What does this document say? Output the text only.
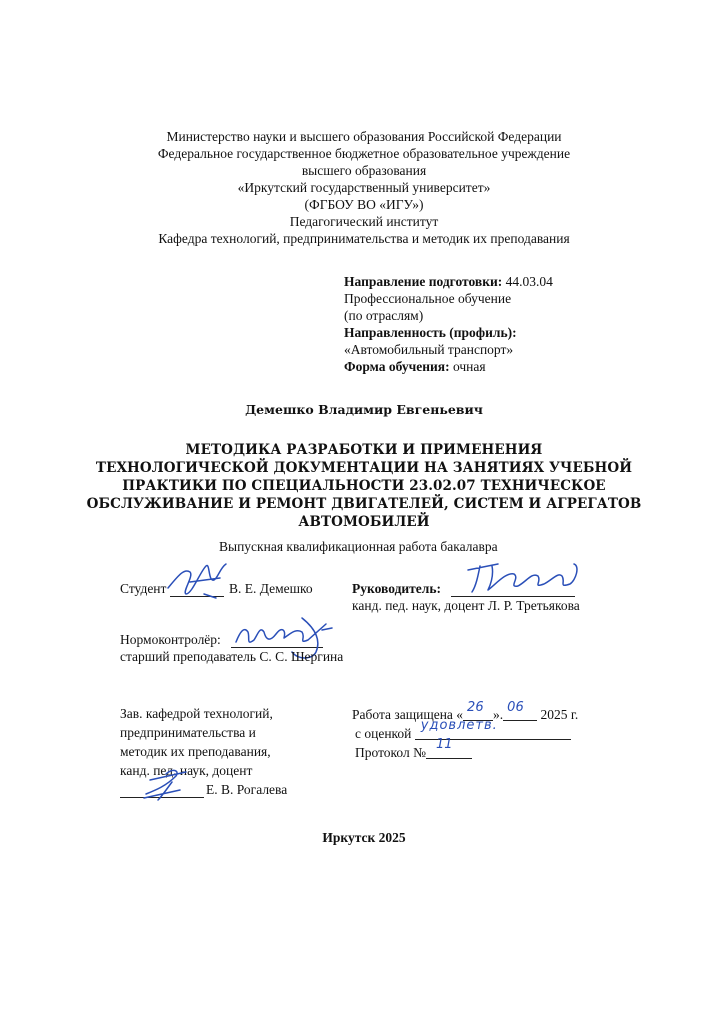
Министерство науки и высшего образования Российской Федерации
Федеральное государственное бюджетное образовательное учреждение
высшего образования
«Иркутский государственный университет»
(ФГБОУ ВО «ИГУ»)
Педагогический институт
Кафедра технологий, предпринимательства и методик их преподавания
Направление подготовки: 44.03.04
Профессиональное обучение
(по отраслям)
Направленность (профиль):
«Автомобильный транспорт»
Форма обучения: очная
Демешко Владимир Евгеньевич
МЕТОДИКА РАЗРАБОТКИ И ПРИМЕНЕНИЯ
ТЕХНОЛОГИЧЕСКОЙ ДОКУМЕНТАЦИИ НА ЗАНЯТИЯХ УЧЕБНОЙ
ПРАКТИКИ ПО СПЕЦИАЛЬНОСТИ 23.02.07 ТЕХНИЧЕСКОЕ
ОБСЛУЖИВАНИЕ И РЕМОНТ ДВИГАТЕЛЕЙ, СИСТЕМ И АГРЕГАТОВ
АВТОМОБИЛЕЙ
Выпускная квалификационная работа бакалавра
Студент	В. Е. Демешко	Руководитель:
канд. пед. наук, доцент Л. Р. Третьякова
Нормоконтролёр:
старший преподаватель С. С. Шергина
Зав. кафедрой технологий,
предпринимательства и
методик их преподавания,
канд. пед. наук, доцент
Е. В. Рогалева
Работа защищена « 26 ». 06 2025 г.
с оценкой
удовлетв.
Протокол №
11
Иркутск 2025
